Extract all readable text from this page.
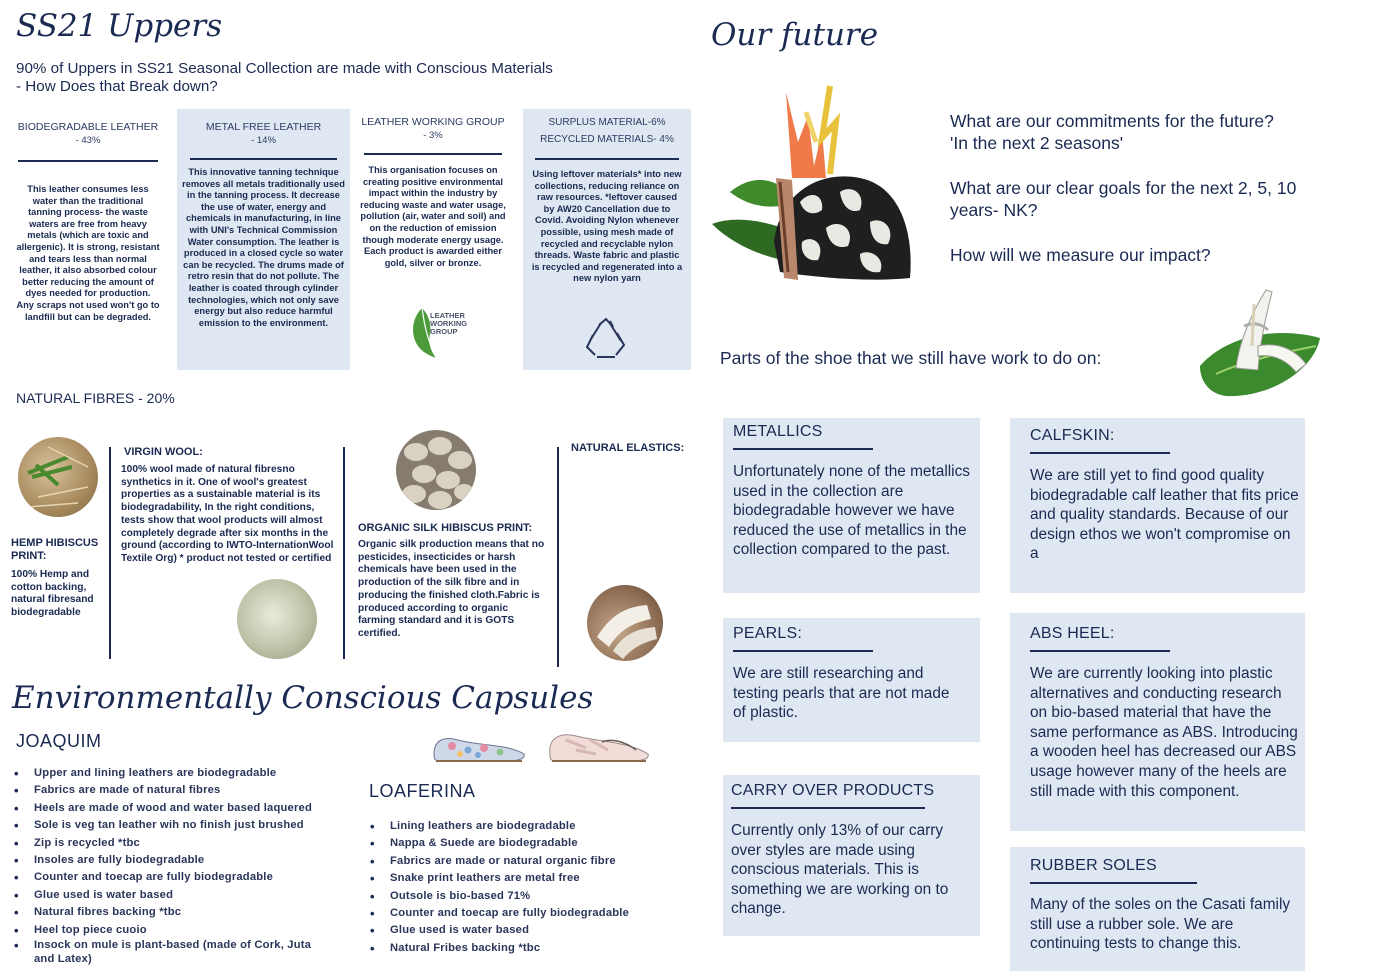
SS21 Uppers
90% of Uppers in SS21 Seasonal Collection are made with Conscious Materials
- How Does that Break down?
BIODEGRADABLE LEATHER
- 43%
This leather consumes less water than the traditional tanning process- the waste waters are free from heavy metals (which are toxic and allergenic). It is strong, resistant and tears less than normal leather, it also absorbed colour better reducing the amount of dyes needed for production. Any scraps not used won't go to landfill but can be degraded.
METAL FREE LEATHER
- 14%
This innovative tanning technique removes all metals traditionally used in the tanning process. It decrease the use of water, energy and chemicals in manufacturing, in line with UNI's Technical Commission Water consumption. The leather is produced in a closed cycle so water can be recycled. The drums made of retro resin that do not pollute. The leather is coated through cylinder technologies, which not only save energy but also reduce harmful emission to the environment.
LEATHER WORKING GROUP
- 3%
This organisation focuses on creating positive environmental impact within the industry by reducing waste and water usage, pollution (air, water and soil) and on the reduction of emission though moderate energy usage. Each product is awarded either gold, silver or bronze.
LEATHER
WORKING
GROUP
SURPLUS MATERIAL-6%
RECYCLED MATERIALS- 4%
Using leftover materials* into new collections, reducing reliance on raw resources. *leftover caused by AW20 Cancellation due to Covid. Avoiding Nylon whenever possible, using mesh made of recycled and recyclable nylon threads. Waste fabric and plastic is recycled and regenerated into a new nylon yarn
NATURAL FIBRES - 20%
HEMP HIBISCUS PRINT:
100% Hemp and cotton backing, natural fibresand biodegradable
VIRGIN WOOL:
100% wool made of natural fibresno synthetics in it. One of wool's greatest properties as a sustainable material is its biodegradability, In the right conditions, tests show that wool products will almost completely degrade after six months in the ground (according to IWTO-InternationWool Textile Org) * product not tested or certified
ORGANIC SILK HIBISCUS PRINT:
Organic silk production means that no pesticides, insecticides or harsh chemicals have been used in the production of the silk fibre and in producing the finished cloth.Fabric is produced according to organic farming standard and it is GOTS certified.
NATURAL ELASTICS:
Environmentally Conscious Capsules
JOAQUIM
• Upper and lining leathers are biodegradable
• Fabrics are made of natural fibres
• Heels are made of wood and water based laquered
• Sole is veg tan leather wih no finish just brushed
• Zip is recycled *tbc
• Insoles are fully biodegradable
• Counter and toecap are fully biodegradable
• Glue used is water based
• Natural fibres backing *tbc
• Heel top piece cuoio
• Insock on mule is plant-based (made of Cork, Juta and Latex)
LOAFERINA
• Lining leathers are biodegradable
• Nappa & Suede are biodegradable
• Fabrics are made or natural organic fibre
• Snake print leathers are metal free
• Outsole is bio-based 71%
• Counter and toecap are fully biodegradable
• Glue used is water based
• Natural Fribes backing *tbc
Our future
What are our commitments for the future?
'In the next 2 seasons'
What are our clear goals for the next 2, 5, 10 years- NK?
How will we measure our impact?
Parts of the shoe that we still have work to do on:
METALLICS
Unfortunately none of the metallics used in the collection are biodegradable however we have reduced the use of metallics in the collection compared to the past.
CALFSKIN:
We are still yet to find good quality biodegradable calf leather that fits price and quality standards. Because of our design ethos we won't compromise on a
PEARLS:
We are still researching and testing pearls that are not made of plastic.
ABS HEEL:
We are currently looking into plastic alternatives and conducting research on bio-based material that have the same performance as ABS. Introducing a wooden heel has decreased our ABS usage however many of the heels are still made with this component.
CARRY OVER PRODUCTS
Currently only 13% of our carry over styles are made using conscious materials. This is something we are working on to change.
RUBBER SOLES
Many of the soles on the Casati family still use a rubber sole. We are continuing tests to change this.
